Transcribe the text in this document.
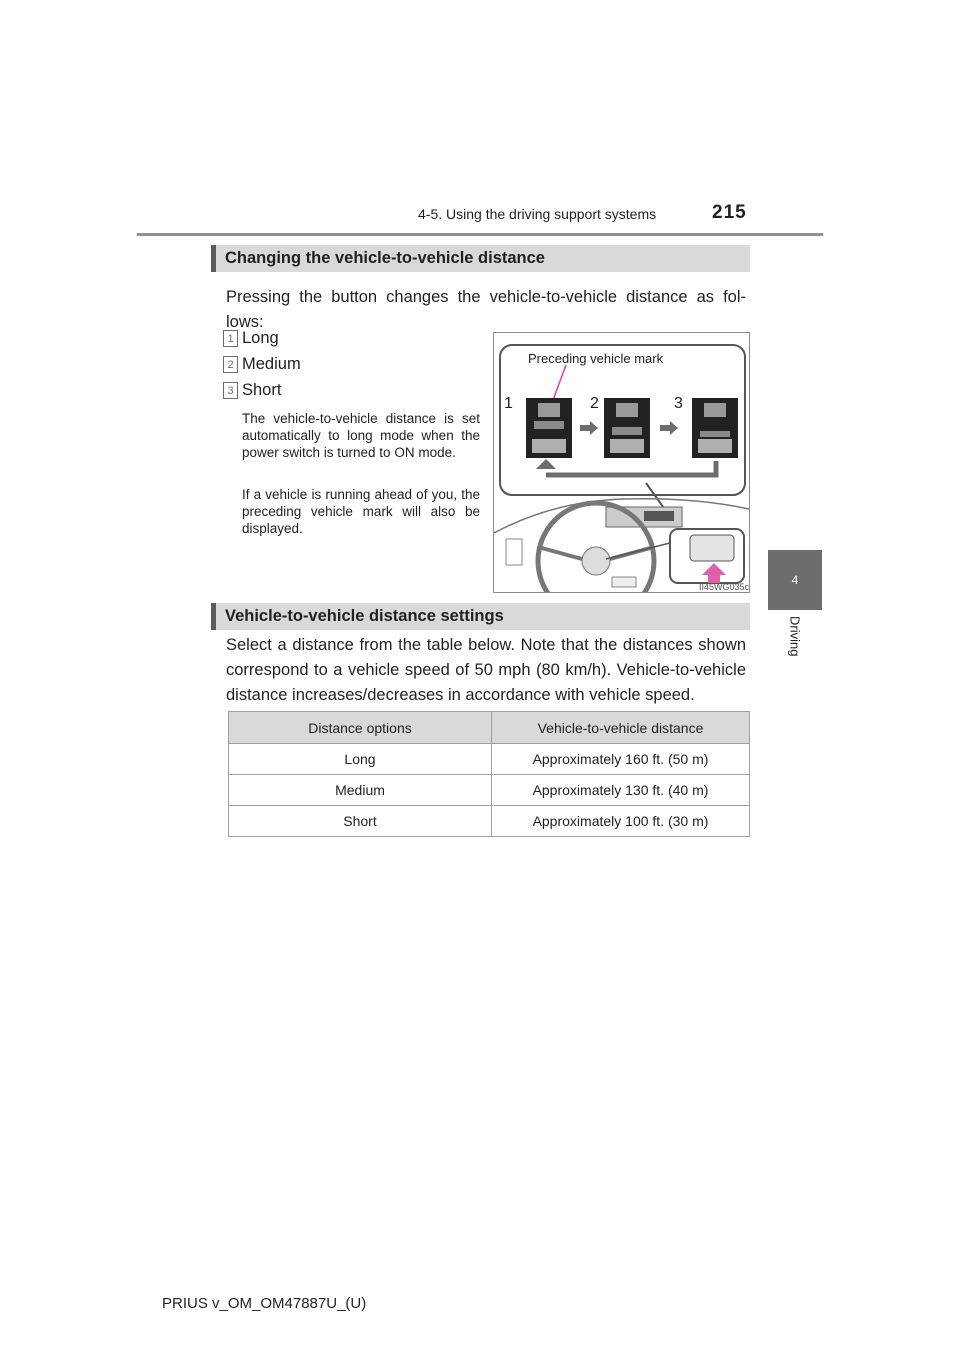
4-5. Using the driving support systems	215
4
Driving
Changing the vehicle-to-vehicle distance
Pressing the button changes the vehicle-to-vehicle distance as fol-lows:
1 Long
2 Medium
3 Short
The vehicle-to-vehicle distance is set automatically to long mode when the power switch is turned to ON mode.
If a vehicle is running ahead of you, the preceding vehicle mark will also be displayed.
Preceding vehicle mark
1	2	3
II45WG035c
Vehicle-to-vehicle distance settings
Select a distance from the table below. Note that the distances shown correspond to a vehicle speed of 50 mph (80 km/h). Vehicle-to-vehicle distance increases/decreases in accordance with vehicle speed.
Distance options	Vehicle-to-vehicle distance
Long	Approximately 160 ft. (50 m)
Medium	Approximately 130 ft. (40 m)
Short	Approximately 100 ft. (30 m)
PRIUS v_OM_OM47887U_(U)
